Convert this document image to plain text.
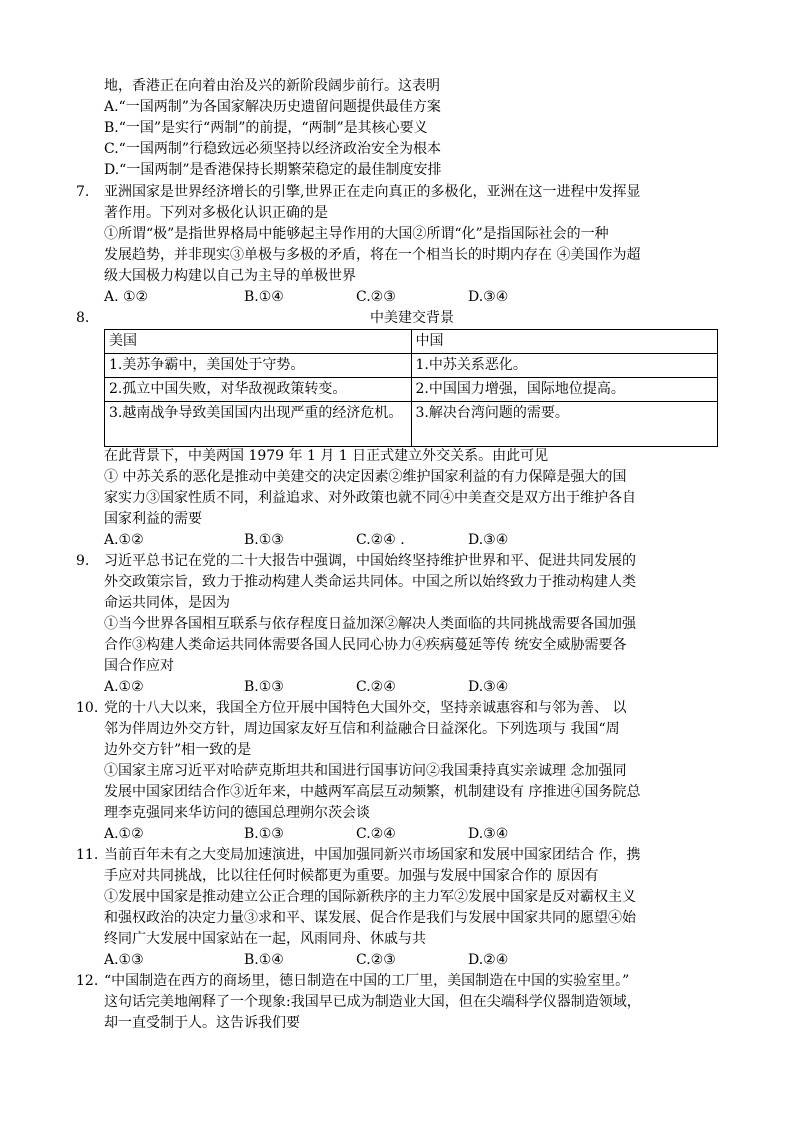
地，香港正在向着由治及兴的新阶段阔步前行。这表明
A.“一国两制”为各国家解决历史遗留问题提供最佳方案
B.“一国”是实行“两制”的前提，“两制”是其核心要义
C.“一国两制”行稳致远必须坚持以经济政治安全为根本
D.“一国两制”是香港保持长期繁荣稳定的最佳制度安排
7. 亚洲国家是世界经济增长的引擎,世界正在走向真正的多极化，亚洲在这一进程中发挥显
著作用。下列对多极化认识正确的是
①所谓“极”是指世界格局中能够起主导作用的大国②所谓“化”是指国际社会的一种
发展趋势，并非现实③单极与多极的矛盾，将在一个相当长的时期内存在 ④美国作为超
级大国极力构建以自己为主导的单极世界
A. ①②	B.①④	C.②③	D.③④
8.	中美建交背景
美国	中国
1.美苏争霸中，美国处于守势。	1.中苏关系恶化。
2.孤立中国失败，对华敌视政策转变。	2.中国国力增强，国际地位提高。
3.越南战争导致美国国内出现严重的经济危机。	3.解决台湾问题的需要。
在此背景下，中美两国 1979 年 1 月 1 日正式建立外交关系。由此可见
① 中苏关系的恶化是推动中美建交的决定因素②维护国家利益的有力保障是强大的国
家实力③国家性质不同，利益追求、对外政策也就不同④中美查交是双方出于维护各自
国家利益的需要
A.①②	B.①③	C.②④ .	D.③④
9. 习近平总书记在党的二十大报告中强调，中国始终坚持维护世界和平、促进共同发展的
外交政策宗旨，致力于推动构建人类命运共同体。中国之所以始终致力于推动构建人类
命运共同体，是因为
①当今世界各国相互联系与依存程度日益加深②解决人类面临的共同挑战需要各国加强
合作③构建人类命运共同体需要各国人民同心协力④疾病蔓延等传 统安全威胁需要各
国合作应对
A.①②	B.①③	C.②④	D.③④
10. 党的十八大以来，我国全方位开展中国特色大国外交，坚持亲诚惠容和与邻为善、 以
邻为伴周边外交方针，周边国家友好互信和利益融合日益深化。下列选项与 我国“周
边外交方针”相一致的是
①国家主席习近平对哈萨克斯坦共和国进行国事访问②我国秉持真实亲诚理 念加强同
发展中国家团结合作③近年来，中越两军高层互动频繁，机制建设有 序推进④国务院总
理李克强同来华访问的德国总理朔尔茨会谈
A.①②	B.①③	C.②④	D.③④
11. 当前百年未有之大变局加速演进，中国加强同新兴市场国家和发展中国家团结合 作，携
手应对共同挑战，比以往任何时候都更为重要。加强与发展中国家合作的 原因有
①发展中国家是推动建立公正合理的国际新秩序的主力军②发展中国家是反对霸权主义
和强权政治的决定力量③求和平、谋发展、促合作是我们与发展中国家共同的愿望④始
终同广大发展中国家站在一起，风雨同舟、休戚与共
A.①③	B.①④	C.②③	D.②④
12. “中国制造在西方的商场里，德日制造在中国的工厂里，美国制造在中国的实验室里。”
这句话完美地阐释了一个现象:我国早已成为制造业大国，但在尖端科学仪器制造领域，
却一直受制于人。这告诉我们要
